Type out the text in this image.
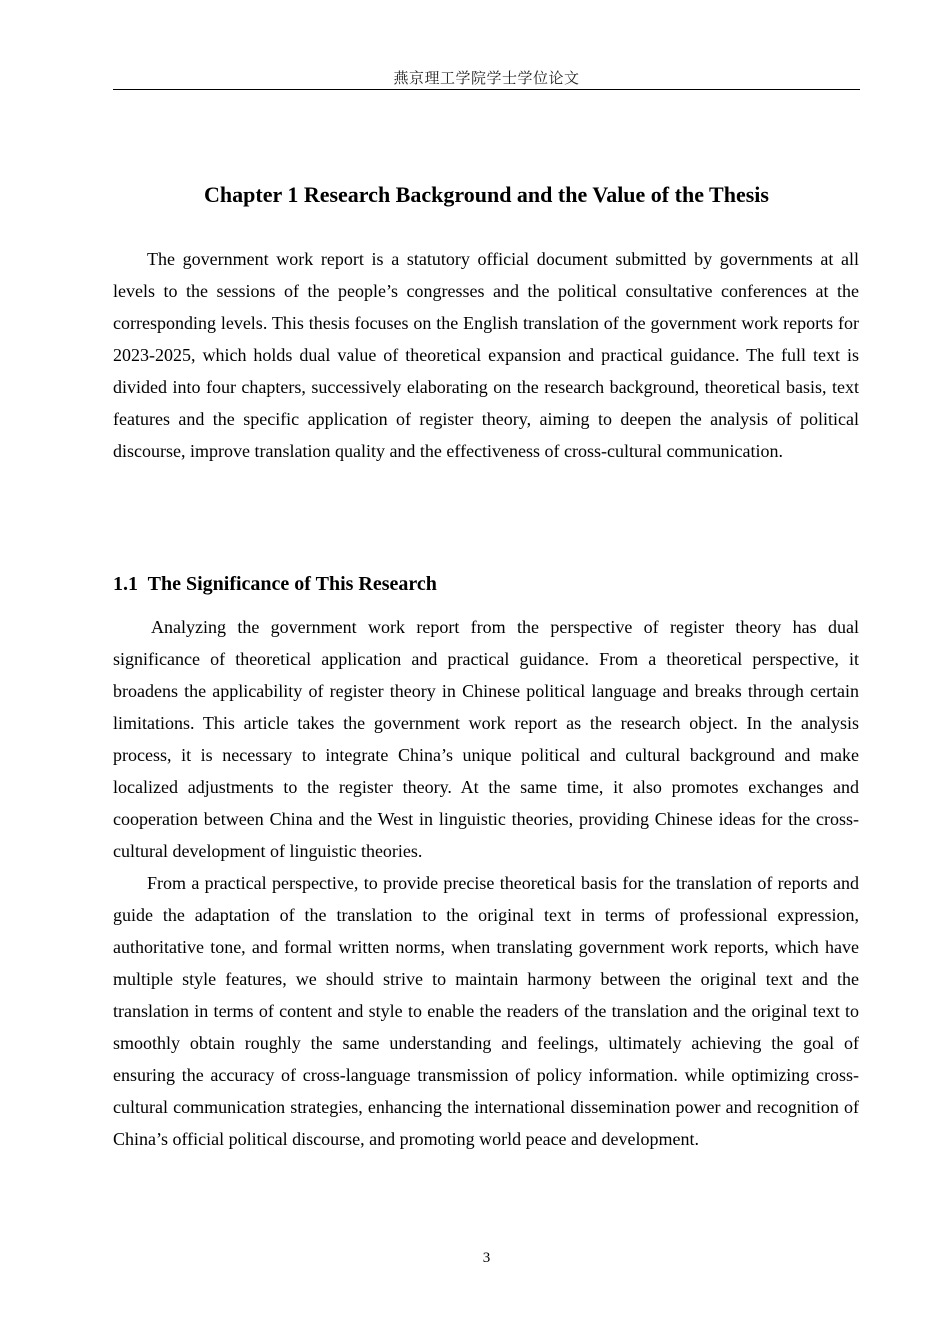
燕京理工学院学士学位论文
Chapter 1 Research Background and the Value of the Thesis

The government work report is a statutory official document submitted by governments at all levels to the sessions of the people’s congresses and the political consultative conferences at the corresponding levels. This thesis focuses on the English translation of the government work reports for 2023-2025, which holds dual value of theoretical expansion and practical guidance. The full text is divided into four chapters, successively elaborating on the research background, theoretical basis, text features and the specific application of register theory, aiming to deepen the analysis of political discourse, improve translation quality and the effectiveness of cross-cultural communication.

1.1 The Significance of This Research

Analyzing the government work report from the perspective of register theory has dual significance of theoretical application and practical guidance. From a theoretical perspective, it broadens the applicability of register theory in Chinese political language and breaks through certain limitations. This article takes the government work report as the research object. In the analysis process, it is necessary to integrate China’s unique political and cultural background and make localized adjustments to the register theory. At the same time, it also promotes exchanges and cooperation between China and the West in linguistic theories, providing Chinese ideas for the cross-cultural development of linguistic theories.

From a practical perspective, to provide precise theoretical basis for the translation of reports and guide the adaptation of the translation to the original text in terms of professional expression, authoritative tone, and formal written norms, when translating government work reports, which have multiple style features, we should strive to maintain harmony between the original text and the translation in terms of content and style to enable the readers of the translation and the original text to smoothly obtain roughly the same understanding and feelings, ultimately achieving the goal of ensuring the accuracy of cross-language transmission of policy information. while optimizing cross-cultural communication strategies, enhancing the international dissemination power and recognition of China’s official political discourse, and promoting world peace and development.

3
